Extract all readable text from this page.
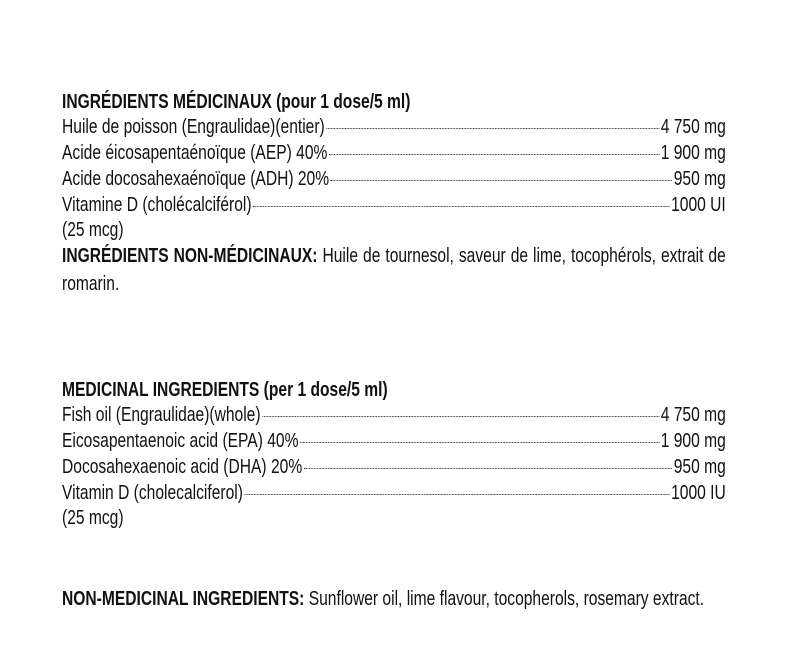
INGRÉDIENTS MÉDICINAUX (pour 1 dose/5 ml)

Huile de poisson (Engraulidae)(entier)	4 750 mg
Acide éicosapentaénoïque (AEP) 40%	1 900 mg
Acide docosahexaénoïque (ADH) 20%	950 mg
Vitamine D (cholécalciférol)	1000 UI
(25 mcg)
INGRÉDIENTS NON-MÉDICINAUX: Huile de tournesol, saveur de lime, tocophérols, extrait de romarin.

MEDICINAL INGREDIENTS (per 1 dose/5 ml)

Fish oil (Engraulidae)(whole)	4 750 mg
Eicosapentaenoic acid (EPA) 40%	1 900 mg
Docosahexaenoic acid (DHA) 20%	950 mg
Vitamin D (cholecalciferol)	1000 IU
(25 mcg)
NON-MEDICINAL INGREDIENTS: Sunflower oil, lime flavour, tocopherols, rosemary extract.
